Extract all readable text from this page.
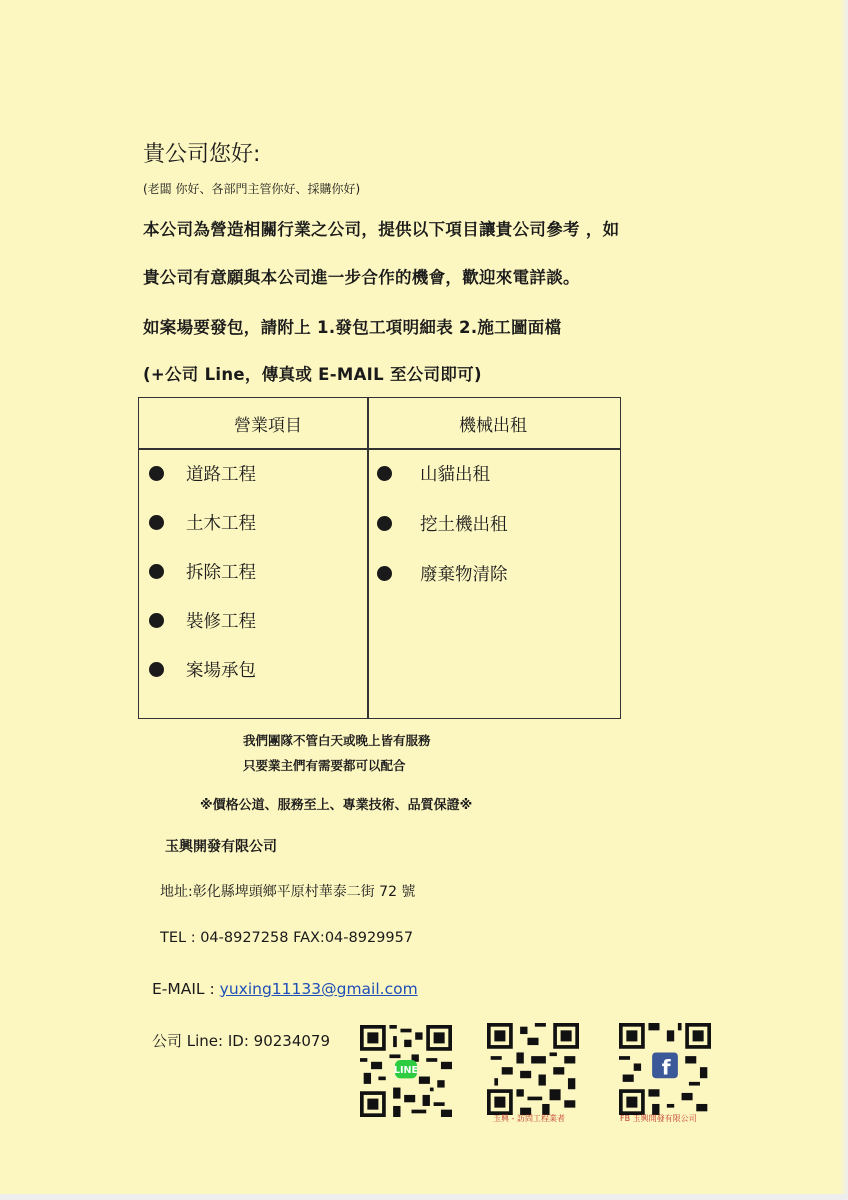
貴公司您好:
(老闆 你好、各部門主管你好、採購你好)
本公司為營造相關行業之公司，提供以下項目讓貴公司參考 ，如
貴公司有意願與本公司進一步合作的機會，歡迎來電詳談。
如案場要發包，請附上 1.發包工項明細表 2.施工圖面檔
(+公司 Line，傳真或 E-MAIL 至公司即可)
營業項目	機械出租
道路工程
土木工程
拆除工程
裝修工程
案場承包
山貓出租
挖土機出租
廢棄物清除
我們團隊不管白天或晚上皆有服務
只要業主們有需要都可以配合
※價格公道、服務至上、專業技術、品質保證※
玉興開發有限公司
地址:彰化縣埤頭鄉平原村華泰二街 72 號
TEL : 04-8927258 FAX:04-8929957
E-MAIL : yuxing11133@gmail.com
公司 Line: ID: 90234079
LINE
玉興 - 訪問工程業者
f
FB 玉興開發有限公司
